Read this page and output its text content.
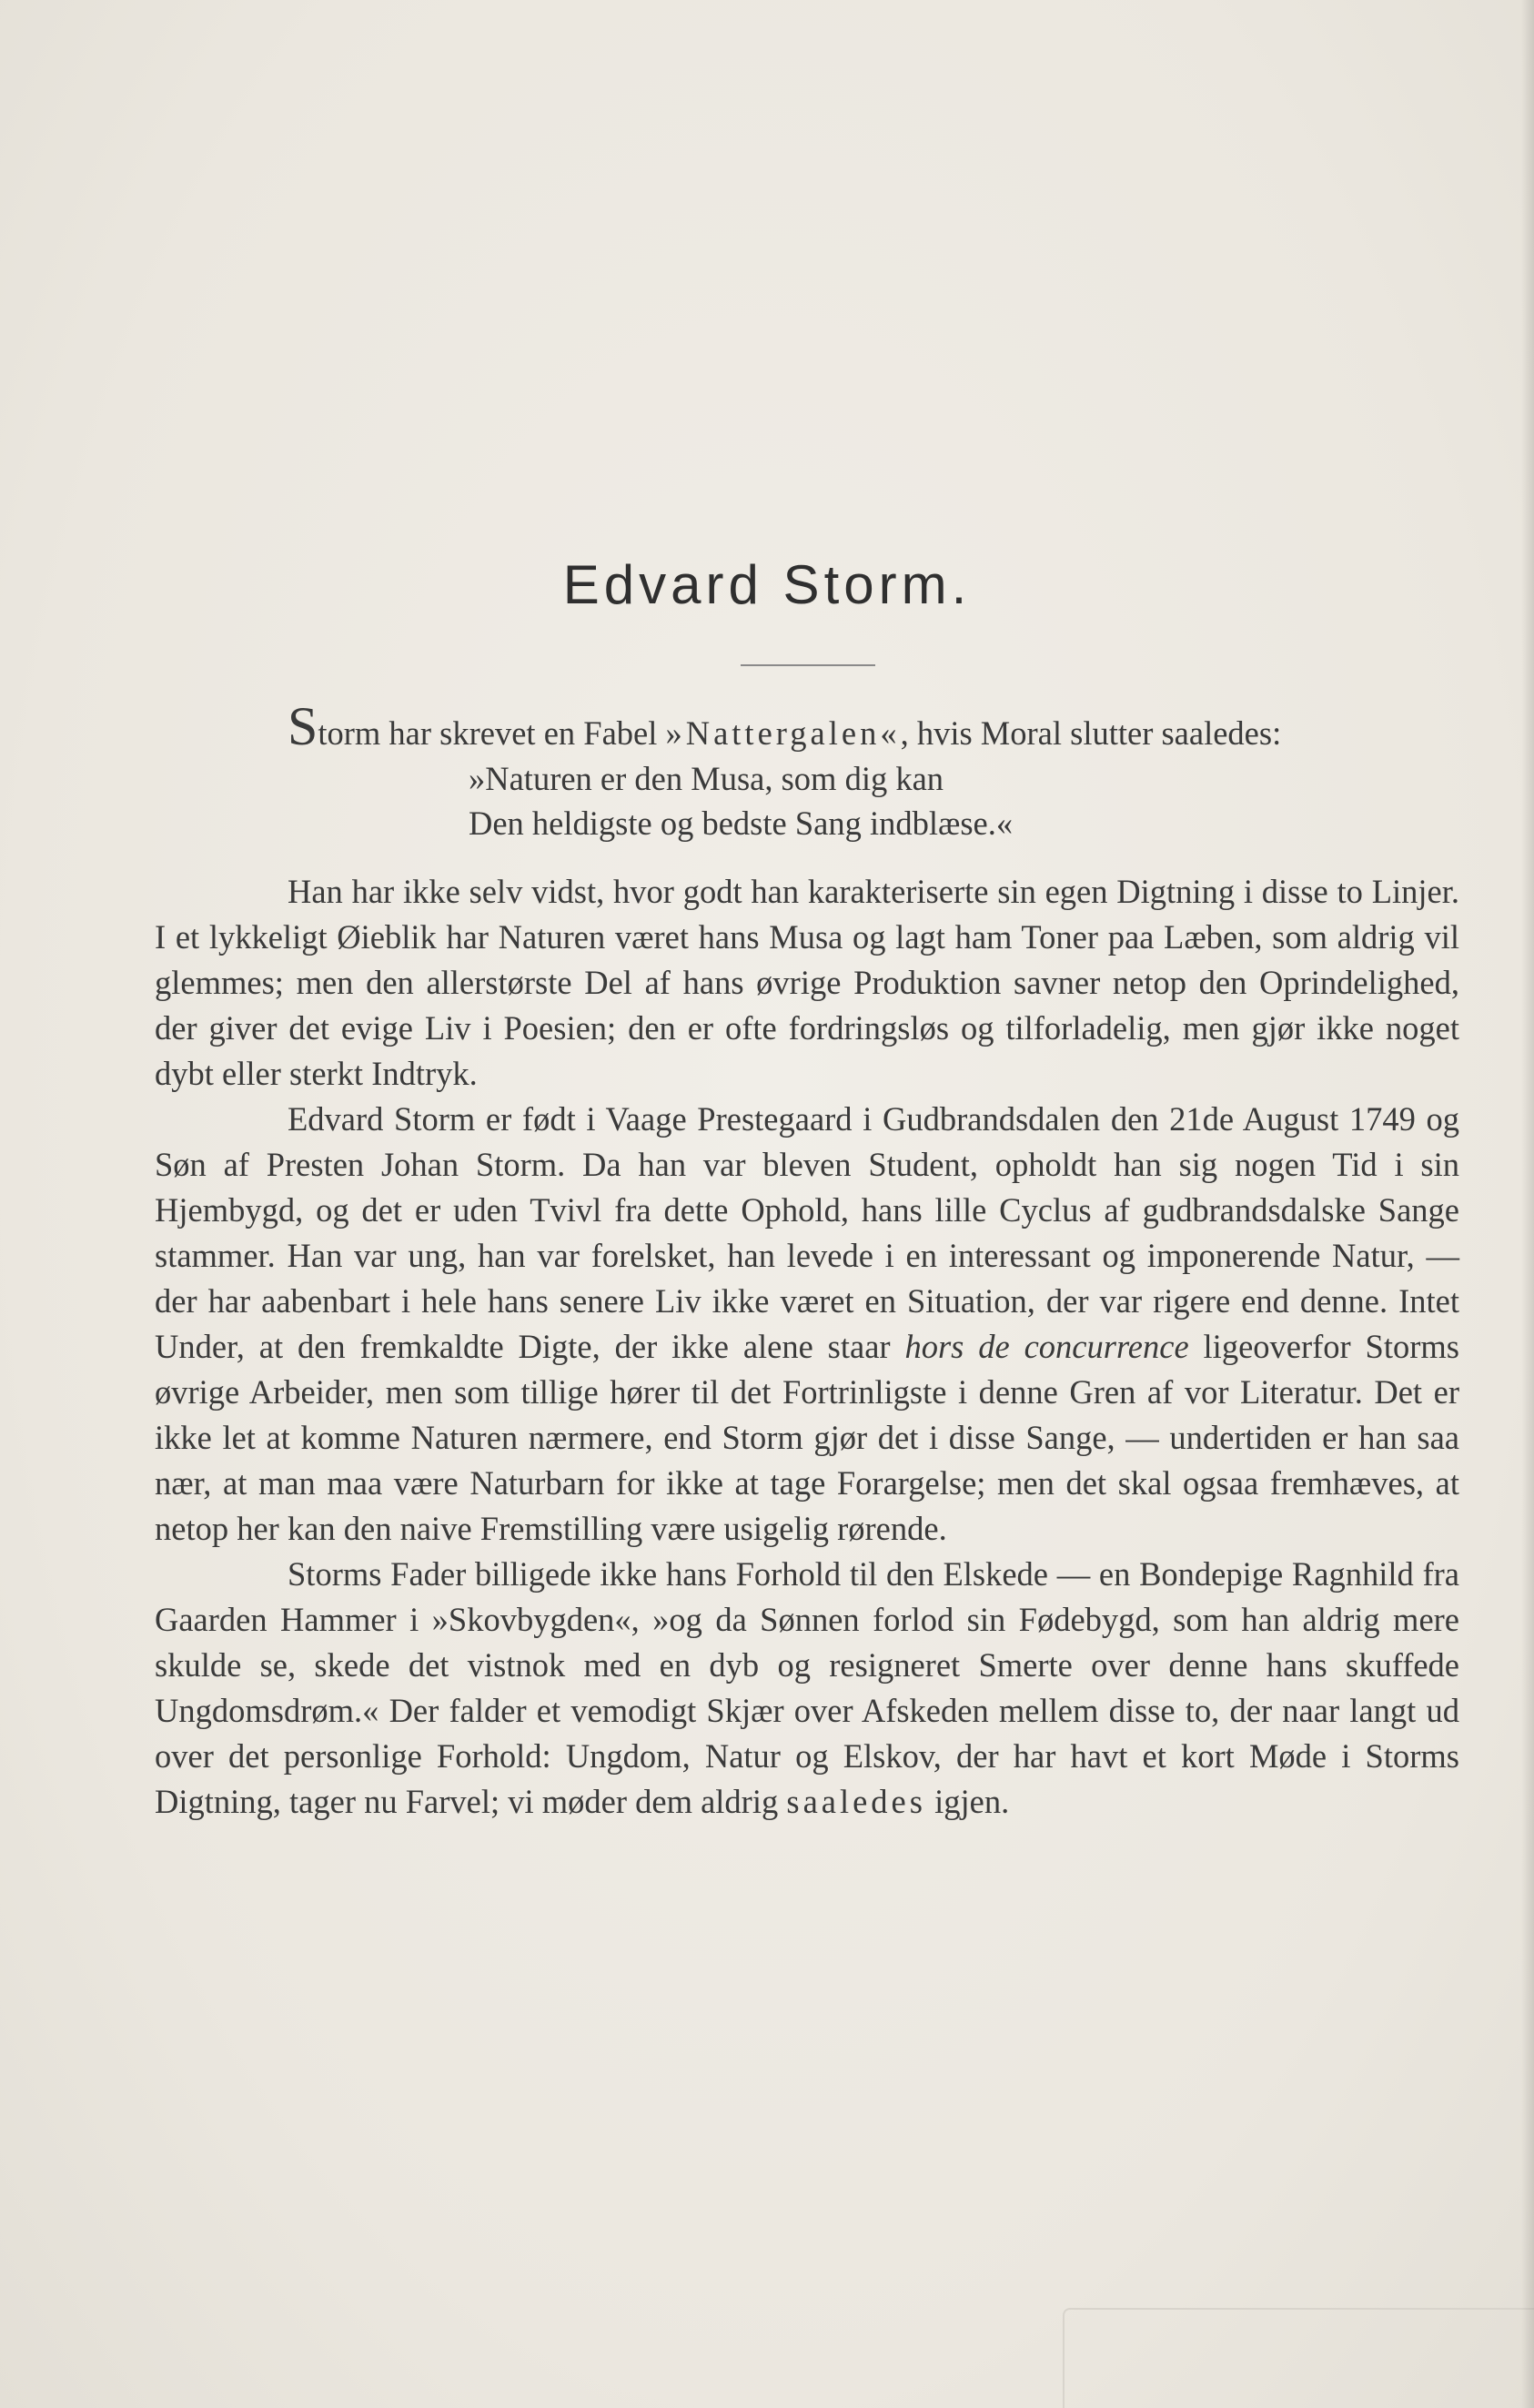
Edvard Storm.

Storm har skrevet en Fabel »Nattergalen«, hvis Moral slutter saaledes:

»Naturen er den Musa, som dig kan
Den heldigste og bedste Sang indblæse.«

Han har ikke selv vidst, hvor godt han karakteriserte sin egen Digtning i disse to Linjer. I et lykkeligt Øieblik har Naturen været hans Musa og lagt ham Toner paa Læben, som aldrig vil glemmes; men den allerstørste Del af hans øvrige Produktion savner netop den Oprindelighed, der giver det evige Liv i Poesien; den er ofte fordringsløs og tilforladelig, men gjør ikke noget dybt eller sterkt Indtryk.

Edvard Storm er født i Vaage Prestegaard i Gudbrandsdalen den 21de August 1749 og Søn af Presten Johan Storm. Da han var bleven Student, opholdt han sig nogen Tid i sin Hjembygd, og det er uden Tvivl fra dette Ophold, hans lille Cyclus af gudbrandsdalske Sange stammer. Han var ung, han var forelsket, han levede i en interessant og imponerende Natur, — der har aabenbart i hele hans senere Liv ikke været en Situation, der var rigere end denne. Intet Under, at den fremkaldte Digte, der ikke alene staar hors de concurrence ligeoverfor Storms øvrige Arbeider, men som tillige hører til det Fortrinligste i denne Gren af vor Literatur. Det er ikke let at komme Naturen nærmere, end Storm gjør det i disse Sange, — undertiden er han saa nær, at man maa være Naturbarn for ikke at tage Forargelse; men det skal ogsaa fremhæves, at netop her kan den naive Fremstilling være usigelig rørende.

Storms Fader billigede ikke hans Forhold til den Elskede — en Bondepige Ragnhild fra Gaarden Hammer i »Skovbygden«, »og da Sønnen forlod sin Fødebygd, som han aldrig mere skulde se, skede det vistnok med en dyb og resigneret Smerte over denne hans skuffede Ungdomsdrøm.« Der falder et vemodigt Skjær over Afskeden mellem disse to, der naar langt ud over det personlige Forhold: Ungdom, Natur og Elskov, der har havt et kort Møde i Storms Digtning, tager nu Farvel; vi møder dem aldrig saaledes igjen.
